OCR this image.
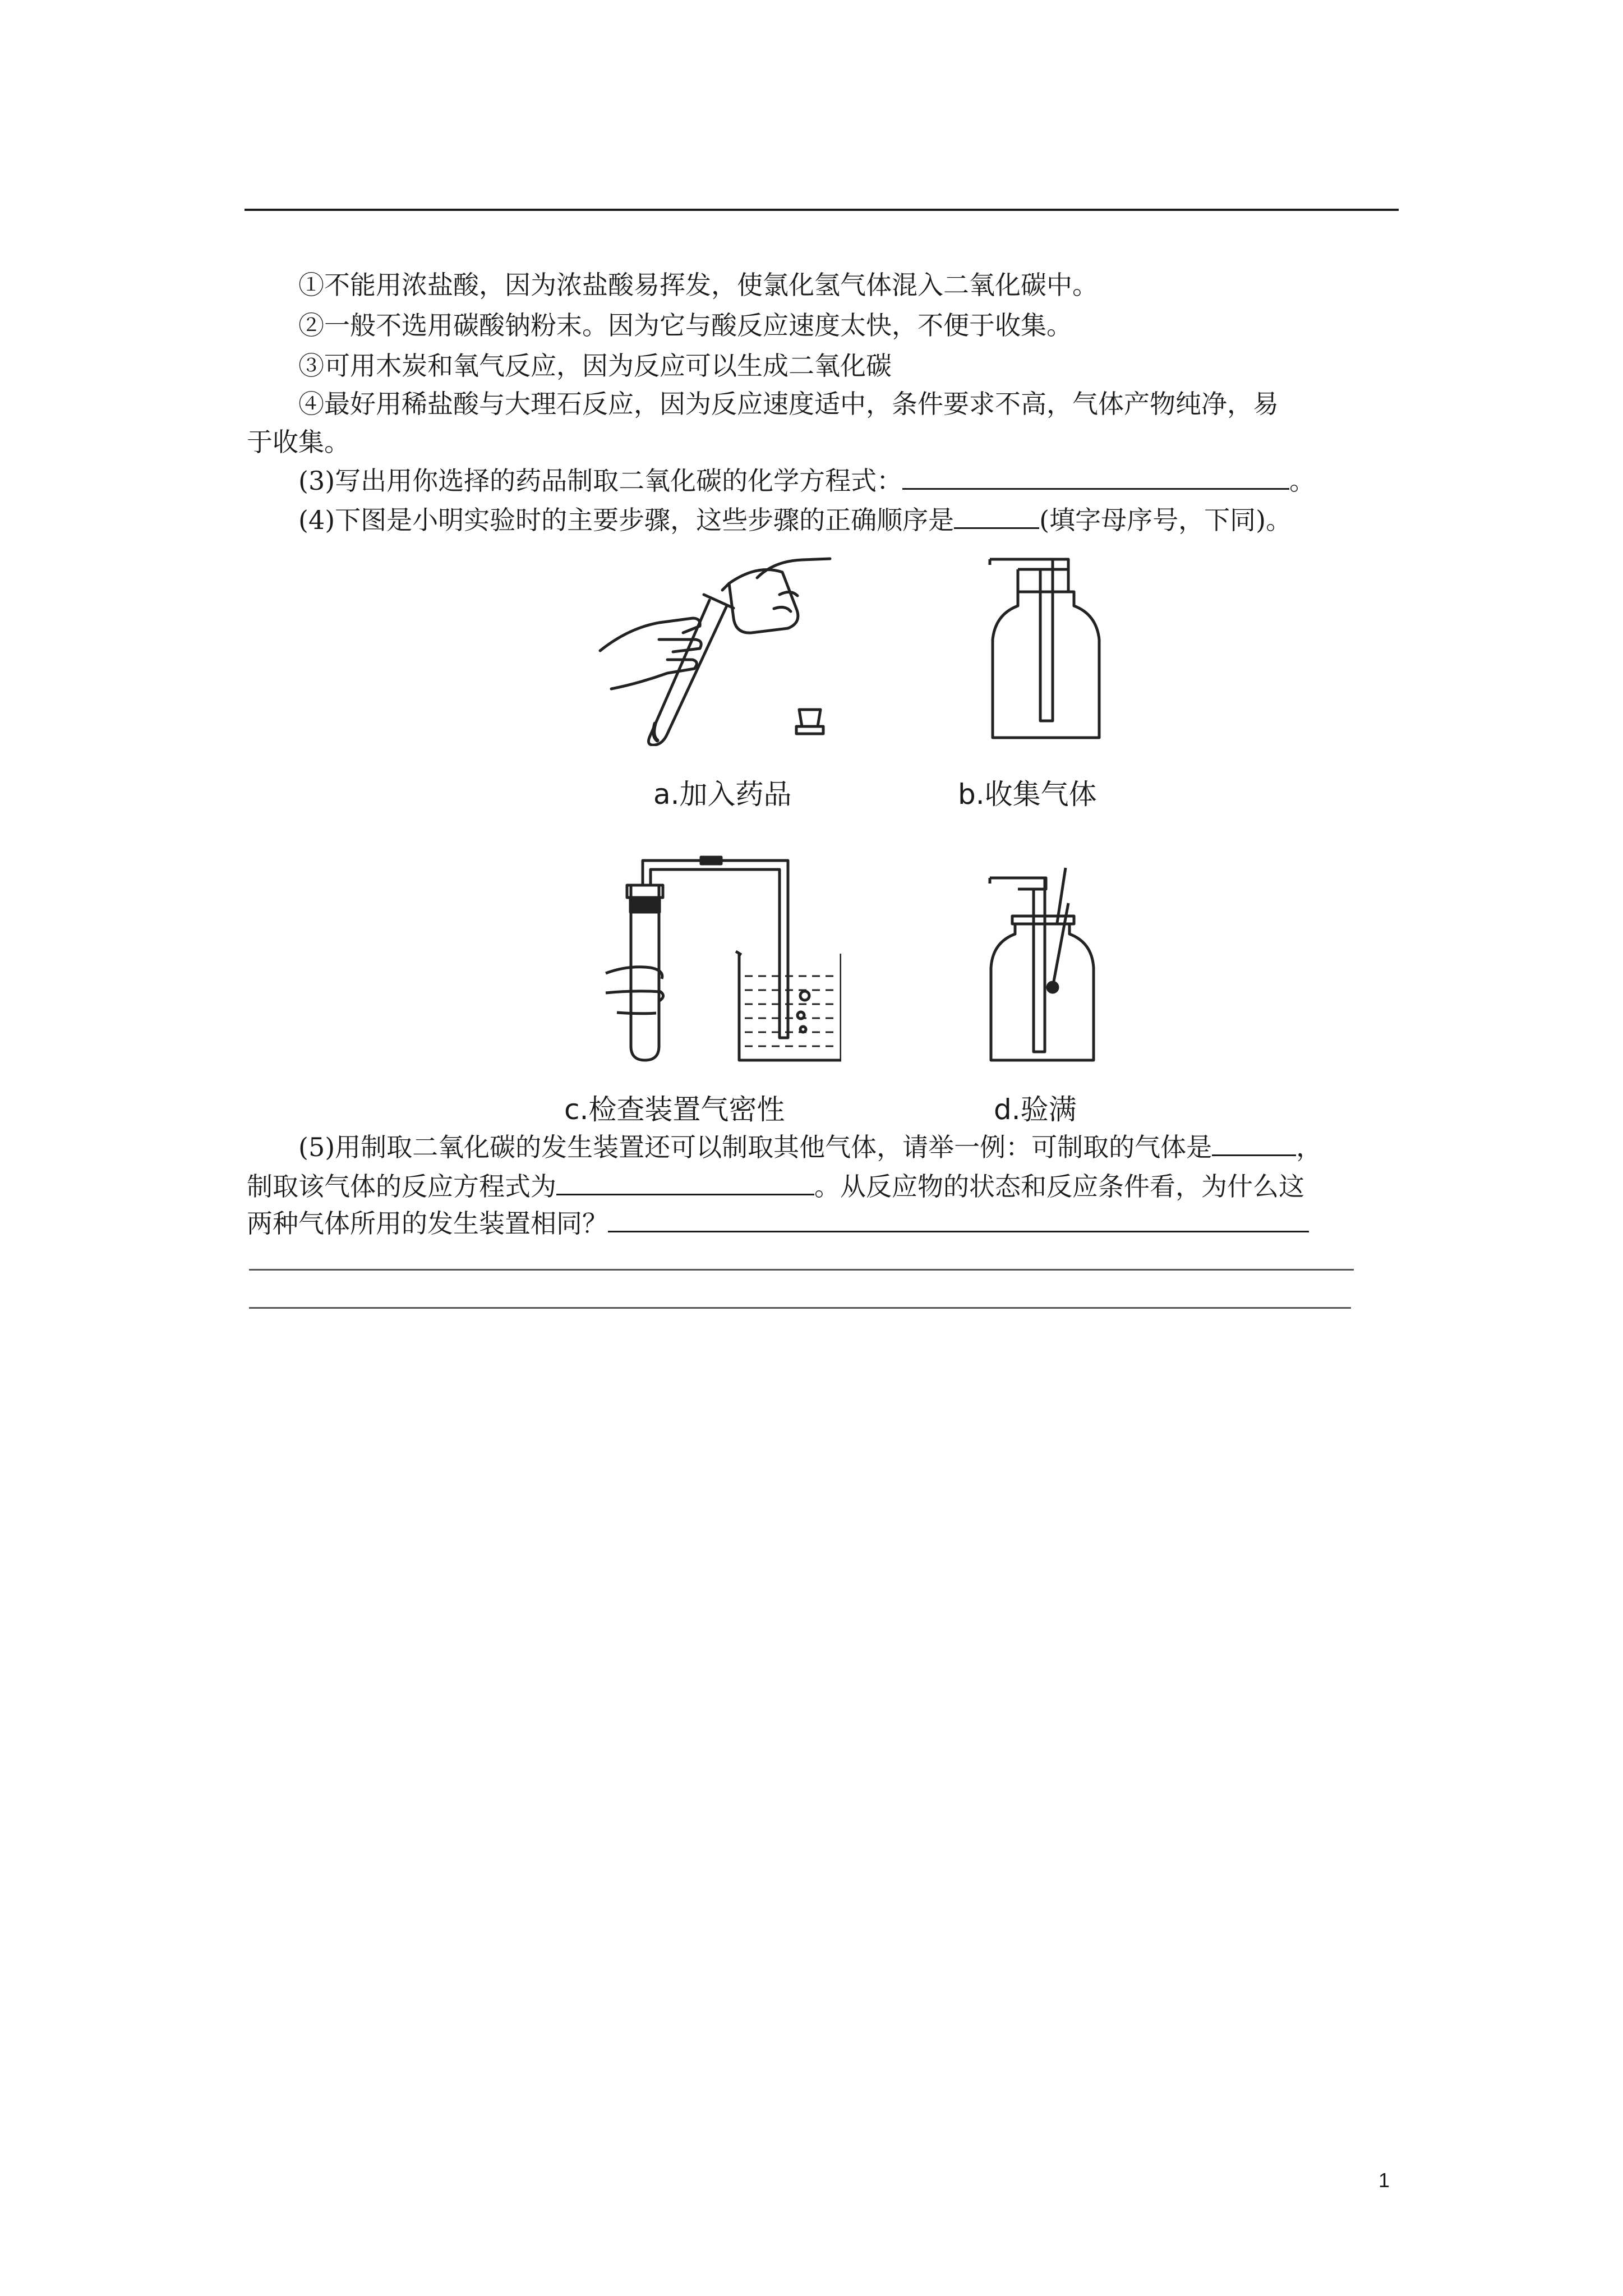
①不能用浓盐酸，因为浓盐酸易挥发，使氯化氢气体混入二氧化碳中。
②一般不选用碳酸钠粉末。因为它与酸反应速度太快，不便于收集。
③可用木炭和氧气反应，因为反应可以生成二氧化碳
④最好用稀盐酸与大理石反应，因为反应速度适中，条件要求不高，气体产物纯净，易
于收集。
(3)写出用你选择的药品制取二氧化碳的化学方程式：	。
(4)下图是小明实验时的主要步骤，这些步骤的正确顺序是	(填字母序号，下同)。
a.加入药品	b.收集气体
c.检查装置气密性	d.验满
(5)用制取二氧化碳的发生装置还可以制取其他气体，请举一例：可制取的气体是	，
制取该气体的反应方程式为	。从反应物的状态和反应条件看，为什么这
两种气体所用的发生装置相同？
1
